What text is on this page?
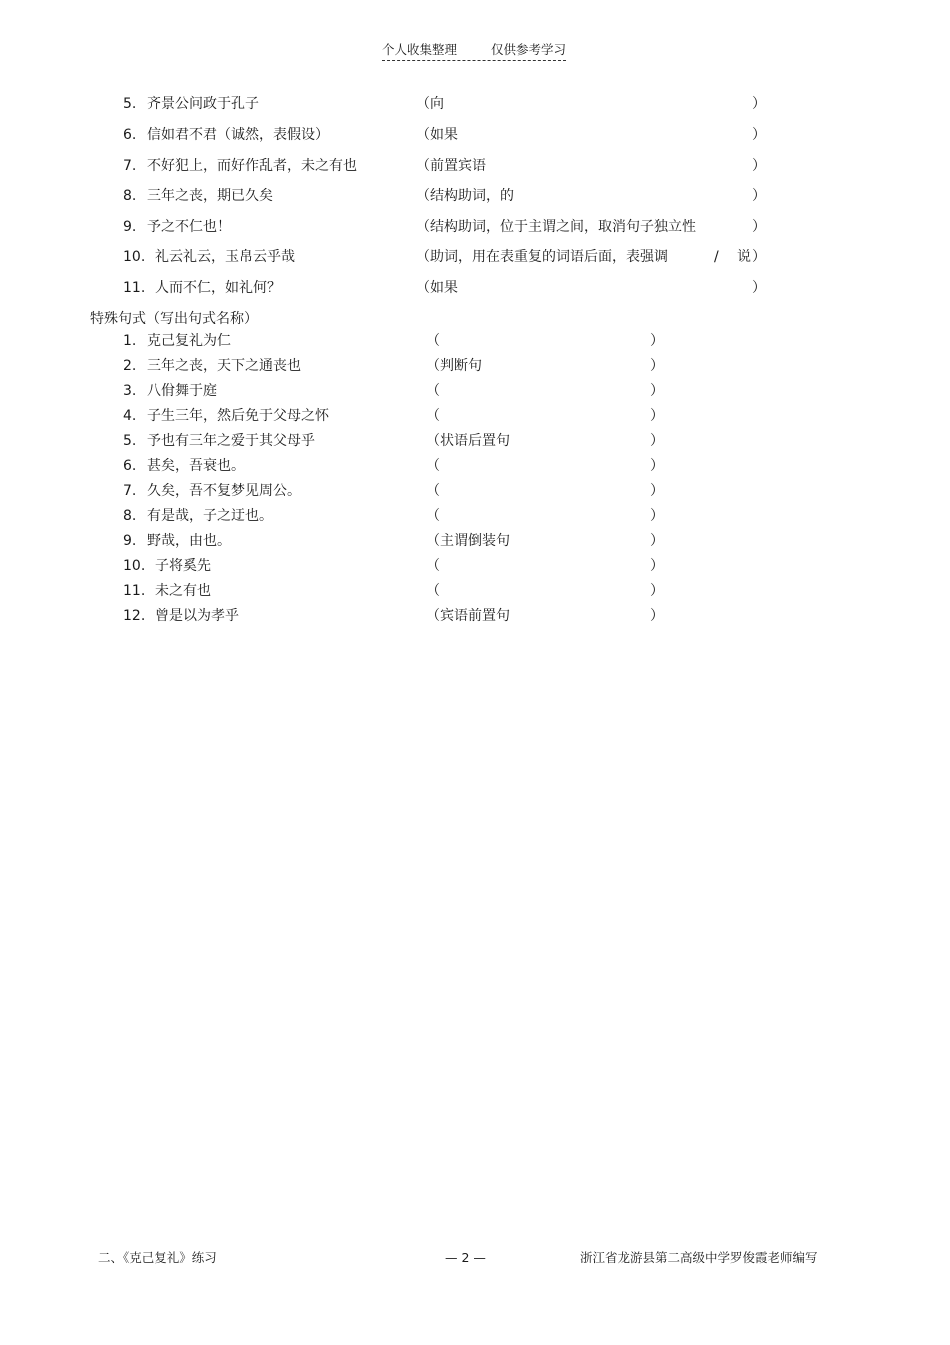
个人收集整理	仅供参考学习
5. 齐景公问政于孔子	（向	）
6. 信如君不君（诚然，表假设）	（如果	）
7. 不好犯上，而好作乱者，未之有也	（前置宾语	）
8. 三年之丧，期已久矣	（结构助词，的	）
9. 予之不仁也！	（结构助词，位于主谓之间，取消句子独立性	）
10. 礼云礼云，玉帛云乎哉	（助词，用在表重复的词语后面，表强调	/ 说 ）
11. 人而不仁，如礼何？	（如果	）
特殊句式（写出句式名称）
1. 克己复礼为仁	（	）
2. 三年之丧，天下之通丧也	（判断句	）
3. 八佾舞于庭	（	）
4. 子生三年，然后免于父母之怀	（	）
5. 予也有三年之爱于其父母乎	（状语后置句	）
6. 甚矣，吾衰也。	（	）
7. 久矣，吾不复梦见周公。	（	）
8. 有是哉，子之迂也。	（	）
9. 野哉，由也。	（主谓倒装句	）
10. 子将奚先	（	）
11. 未之有也	（	）
12. 曾是以为孝乎	（宾语前置句	）
二、《克己复礼》练习	— 2 —	浙江省龙游县第二高级中学罗俊霞老师编写
